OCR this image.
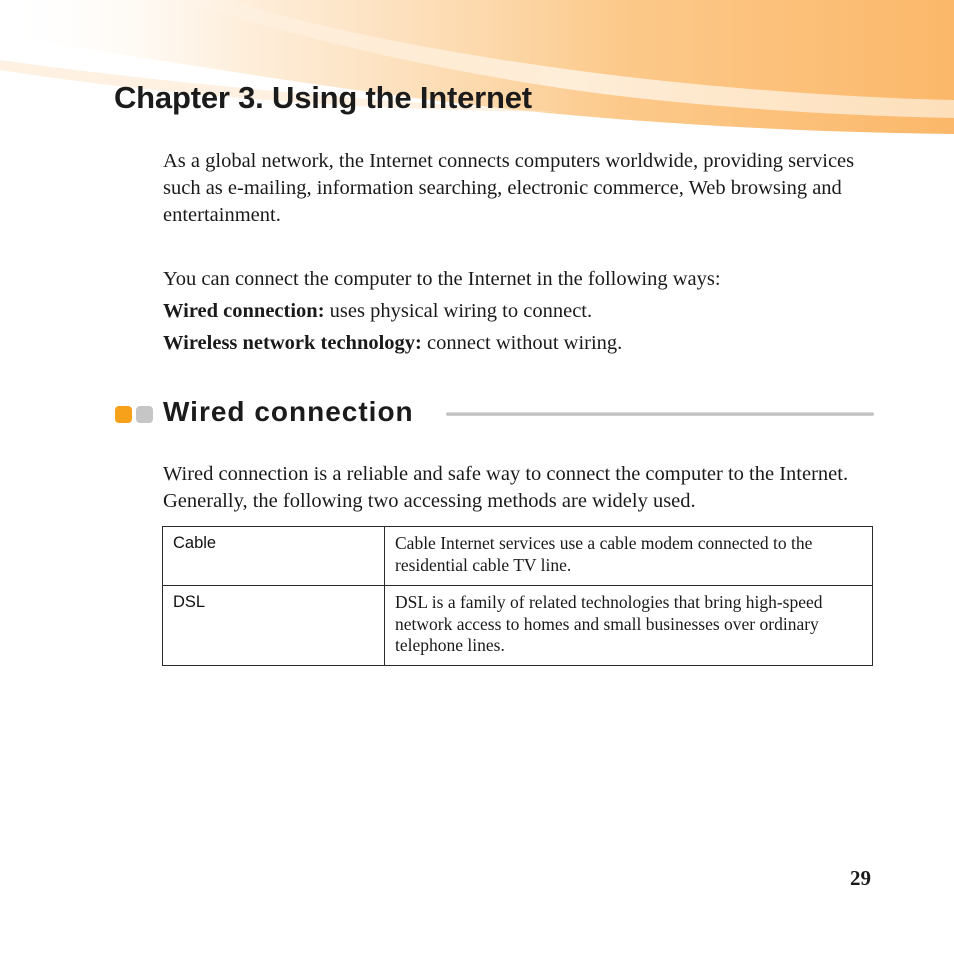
Chapter 3. Using the Internet

As a global network, the Internet connects computers worldwide, providing services such as e-mailing, information searching, electronic commerce, Web browsing and entertainment.

You can connect the computer to the Internet in the following ways:

Wired connection: uses physical wiring to connect.

Wireless network technology: connect without wiring.

Wired connection

Wired connection is a reliable and safe way to connect the computer to the Internet. Generally, the following two accessing methods are widely used.

Cable	Cable Internet services use a cable modem connected to the residential cable TV line.
DSL	DSL is a family of related technologies that bring high-speed network access to homes and small businesses over ordinary telephone lines.

29
